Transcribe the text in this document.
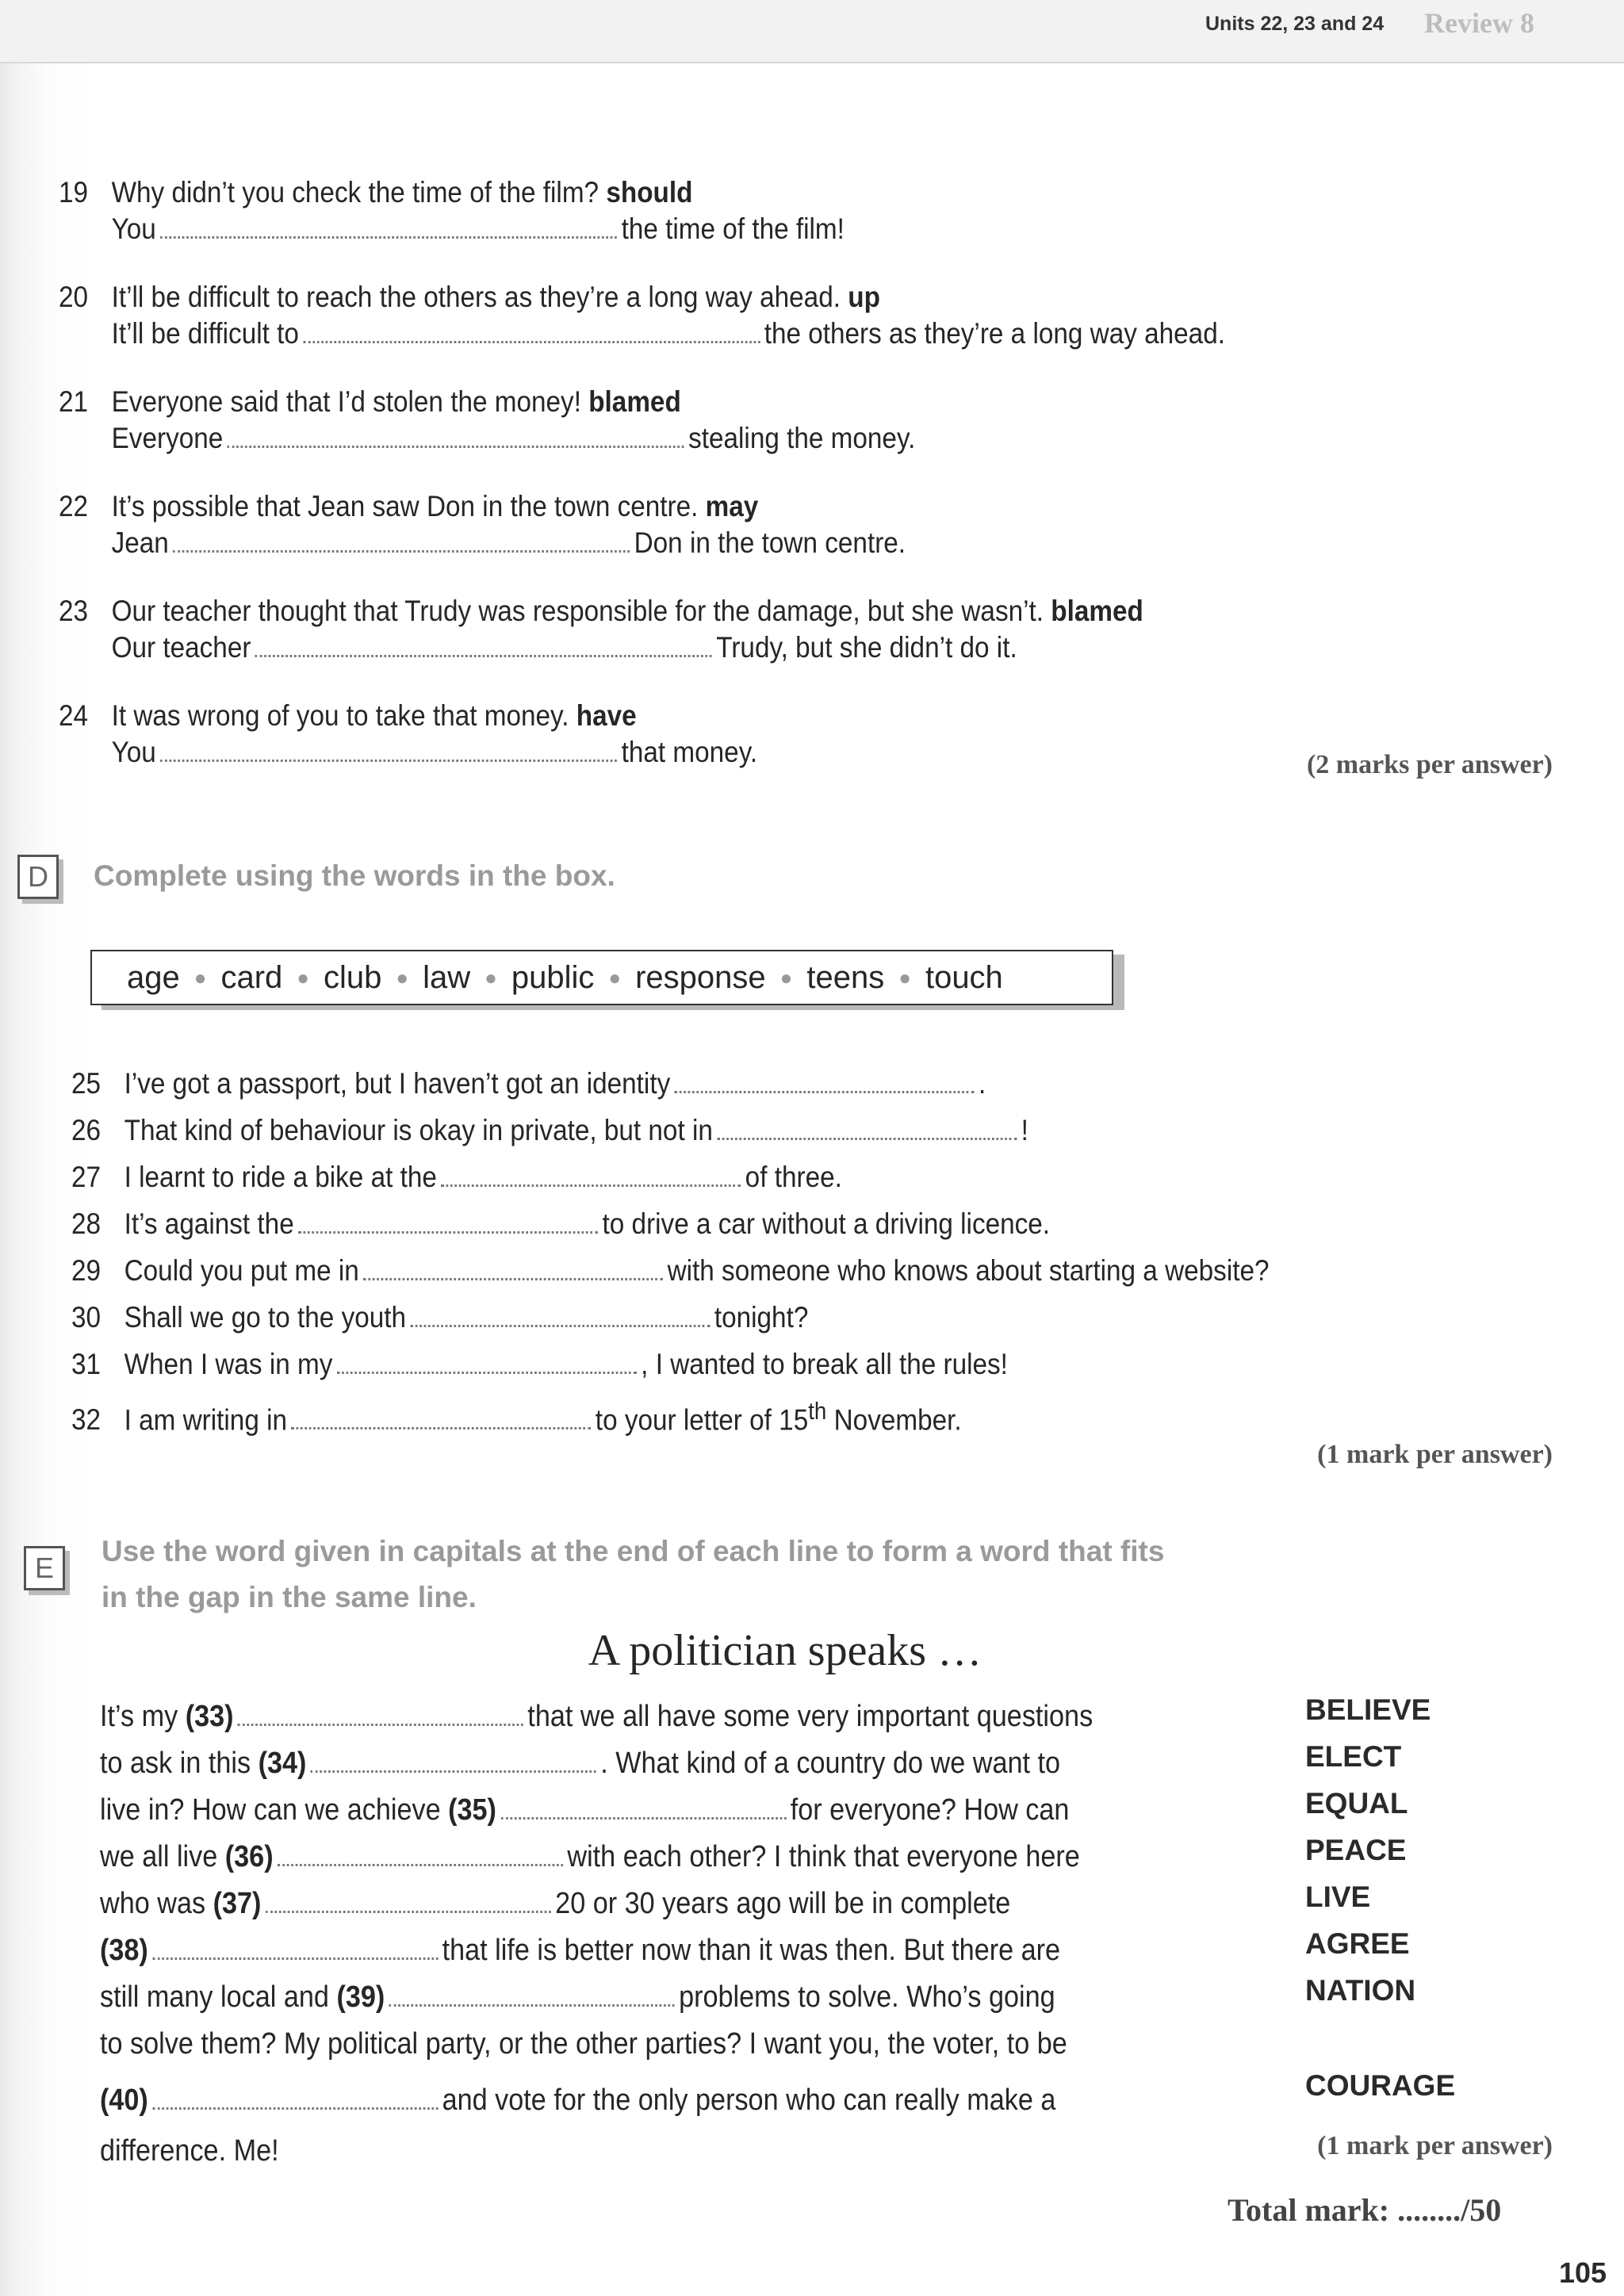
Units 22, 23 and 24 Review 8
19 Why didn’t you check the time of the film? should
You	the time of the film!
20 It’ll be difficult to reach the others as they’re a long way ahead. up
It’ll be difficult to	the others as they’re a long way ahead.
21 Everyone said that I’d stolen the money! blamed
Everyone	stealing the money.
22 It’s possible that Jean saw Don in the town centre. may
Jean	Don in the town centre.
23 Our teacher thought that Trudy was responsible for the damage, but she wasn’t. blamed
Our teacher	Trudy, but she didn’t do it.
24 It was wrong of you to take that money. have
You	that money.	(2 marks per answer)
D	Complete using the words in the box.
age ● card ● club ● law ● public ● response ● teens ● touch
25 I’ve got a passport, but I haven’t got an identity	.
26 That kind of behaviour is okay in private, but not in	!
27 I learnt to ride a bike at the	of three.
28 It’s against the	to drive a car without a driving licence.
29 Could you put me in	with someone who knows about starting a website?
30 Shall we go to the youth	tonight?
31 When I was in my	, I wanted to break all the rules!
32 I am writing in	to your letter of 15th November.
(1 mark per answer)
E
Use the word given in capitals at the end of each line to form a word that fits
in the gap in the same line.
A politician speaks …
It’s my (33)	that we all have some very important questions	BELIEVE
to ask in this (34)	. What kind of a country do we want to	ELECT
live in? How can we achieve (35)	for everyone? How can	EQUAL
we all live (36)	with each other? I think that everyone here	PEACE
who was (37)	20 or 30 years ago will be in complete	LIVE
(38)	that life is better now than it was then. But there are	AGREE
still many local and (39)	problems to solve. Who’s going	NATION
to solve them? My political party, or the other parties? I want you, the voter, to be
(40)	and vote for the only person who can really make a	COURAGE
difference. Me!	(1 mark per answer)
Total mark: ......../50
105
